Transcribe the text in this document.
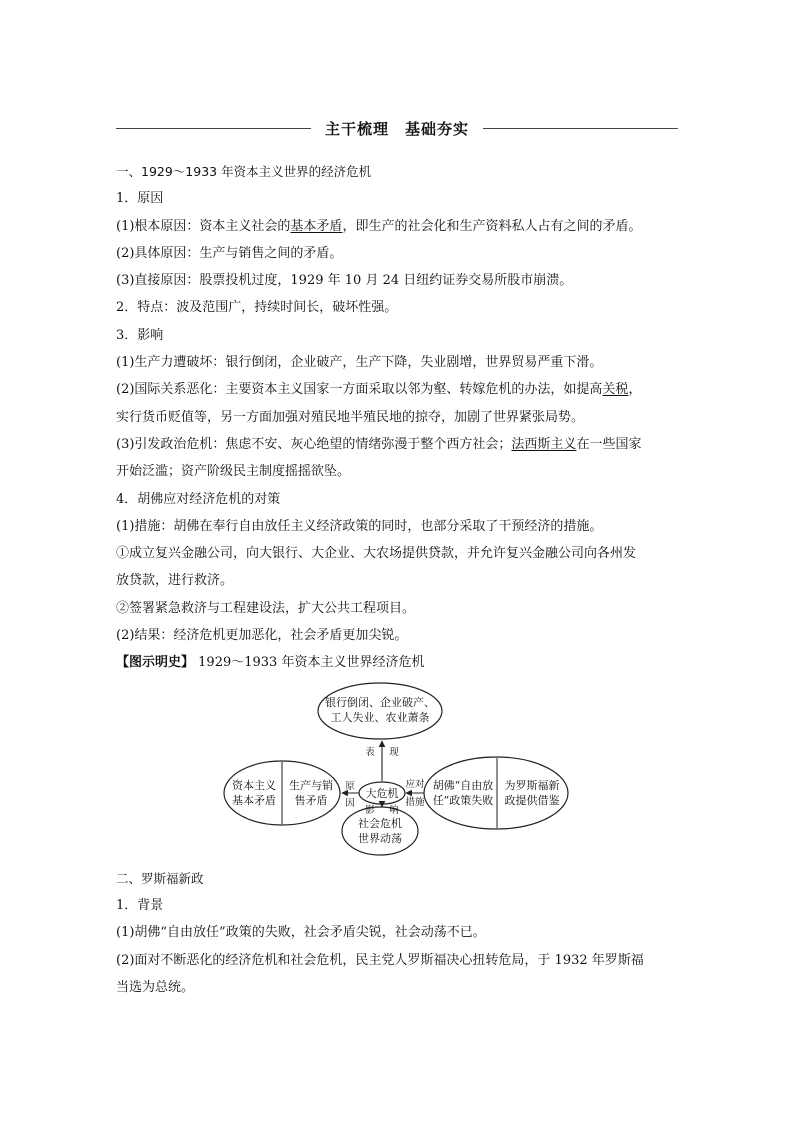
主干梳理　基础夯实
一、1929～1933 年资本主义世界的经济危机
1．原因
(1)根本原因：资本主义社会的基本矛盾，即生产的社会化和生产资料私人占有之间的矛盾。
(2)具体原因：生产与销售之间的矛盾。
(3)直接原因：股票投机过度，1929 年 10 月 24 日纽约证券交易所股市崩溃。
2．特点：波及范围广，持续时间长，破坏性强。
3．影响
(1)生产力遭破坏：银行倒闭，企业破产，生产下降，失业剧增，世界贸易严重下滑。
(2)国际关系恶化：主要资本主义国家一方面采取以邻为壑、转嫁危机的办法，如提高关税，
实行货币贬值等，另一方面加强对殖民地半殖民地的掠夺，加剧了世界紧张局势。
(3)引发政治危机：焦虑不安、灰心绝望的情绪弥漫于整个西方社会；法西斯主义在一些国家
开始泛滥；资产阶级民主制度摇摇欲坠。
4．胡佛应对经济危机的对策
(1)措施：胡佛在奉行自由放任主义经济政策的同时，也部分采取了干预经济的措施。
①成立复兴金融公司，向大银行、大企业、大农场提供贷款，并允许复兴金融公司向各州发
放贷款，进行救济。
②签署紧急救济与工程建设法，扩大公共工程项目。
(2)结果：经济危机更加恶化，社会矛盾更加尖锐。
【图示明史】 1929～1933 年资本主义世界经济危机
银行倒闭、企业破产、
工人失业、农业萧条
资本主义
基本矛盾
生产与销
售矛盾
大危机
社会危机
世界动荡
胡佛“自由放
任”政策失败
为罗斯福新
政提供借鉴
表 现
原
因
影 响
应对
措施
二、罗斯福新政
1．背景
(1)胡佛“自由放任”政策的失败，社会矛盾尖锐，社会动荡不已。
(2)面对不断恶化的经济危机和社会危机，民主党人罗斯福决心扭转危局，于 1932 年罗斯福
当选为总统。
